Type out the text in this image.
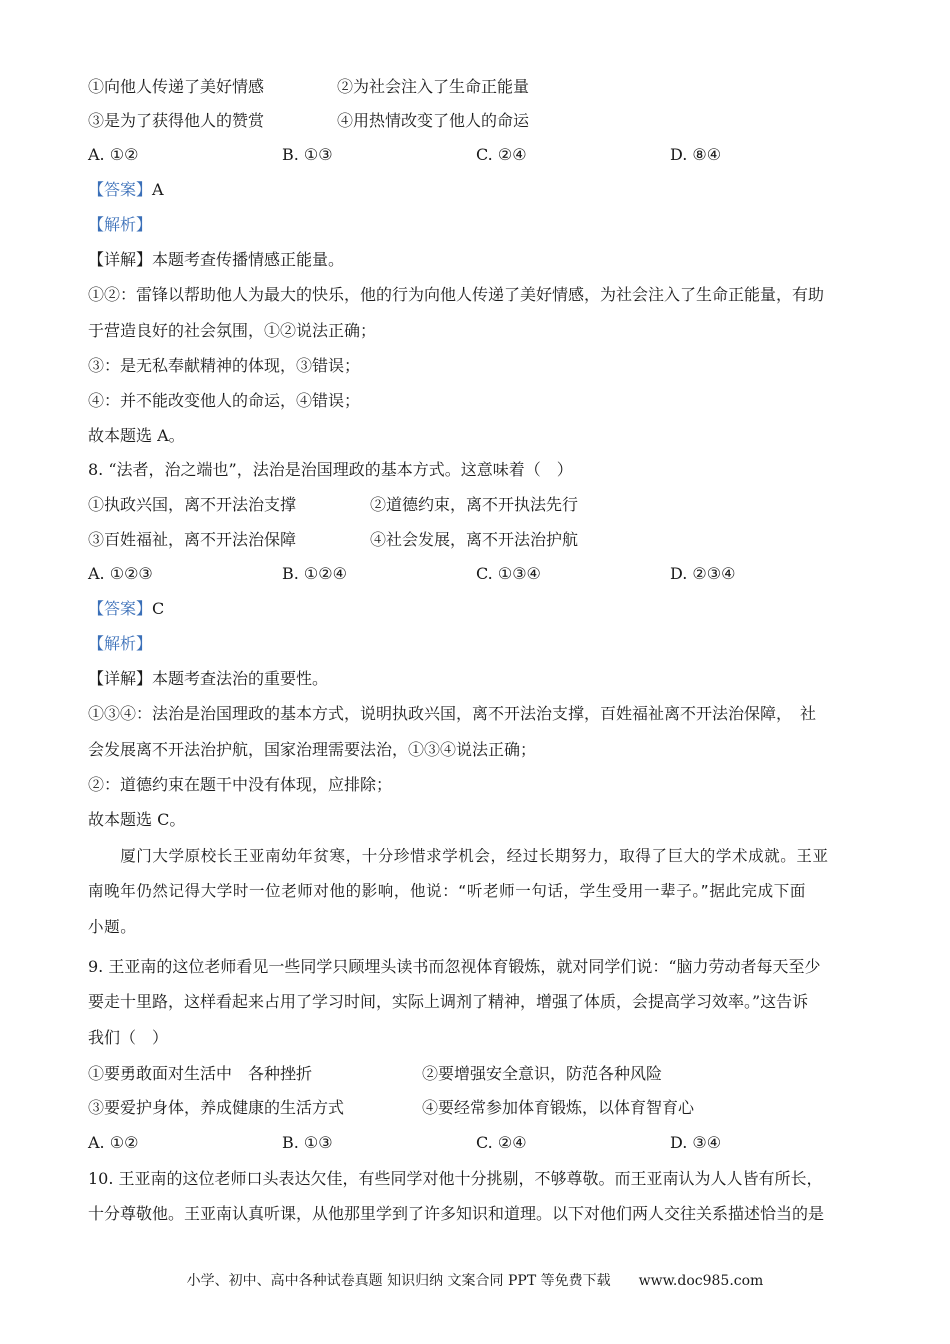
①向他人传递了美好情感	②为社会注入了生命正能量
③是为了获得他人的赞赏	④用热情改变了他人的命运
A. ①②	B. ①③	C. ②④	D. ⑧④
【答案】A
【解析】
【详解】本题考查传播情感正能量。
①②：雷锋以帮助他人为最大的快乐，他的行为向他人传递了美好情感，为社会注入了生命正能量，有助
于营造良好的社会氛围，①②说法正确；
③：是无私奉献精神的体现，③错误；
④：并不能改变他人的命运，④错误；
故本题选 A。
8. “法者，治之端也”，法治是治国理政的基本方式。这意味着（　）
①执政兴国，离不开法治支撑	②道德约束，离不开执法先行
③百姓福祉，离不开法治保障	④社会发展，离不开法治护航
A. ①②③	B. ①②④	C. ①③④	D. ②③④
【答案】C
【解析】
【详解】本题考查法治的重要性。
①③④：法治是治国理政的基本方式，说明执政兴国，离不开法治支撑，百姓福祉离不开法治保障，　社
会发展离不开法治护航，国家治理需要法治，①③④说法正确；
②：道德约束在题干中没有体现，应排除；
故本题选 C。
　　厦门大学原校长王亚南幼年贫寒，十分珍惜求学机会，经过长期努力，取得了巨大的学术成就。王亚
南晚年仍然记得大学时一位老师对他的影响，他说：“听老师一句话，学生受用一辈子。”据此完成下面
小题。
9. 王亚南的这位老师看见一些同学只顾埋头读书而忽视体育锻炼，就对同学们说：“脑力劳动者每天至少
要走十里路，这样看起来占用了学习时间，实际上调剂了精神，增强了体质，会提高学习效率。”这告诉
我们（　）
①要勇敢面对生活中　各种挫折	②要增强安全意识，防范各种风险
③要爱护身体，养成健康的生活方式	④要经常参加体育锻炼，以体育智育心
A. ①②	B. ①③	C. ②④	D. ③④
10. 王亚南的这位老师口头表达欠佳，有些同学对他十分挑剔，不够尊敬。而王亚南认为人人皆有所长，
十分尊敬他。王亚南认真听课，从他那里学到了许多知识和道理。以下对他们两人交往关系描述恰当的是
小学、初中、高中各种试卷真题 知识归纳 文案合同 PPT 等免费下载　　www.doc985.com
